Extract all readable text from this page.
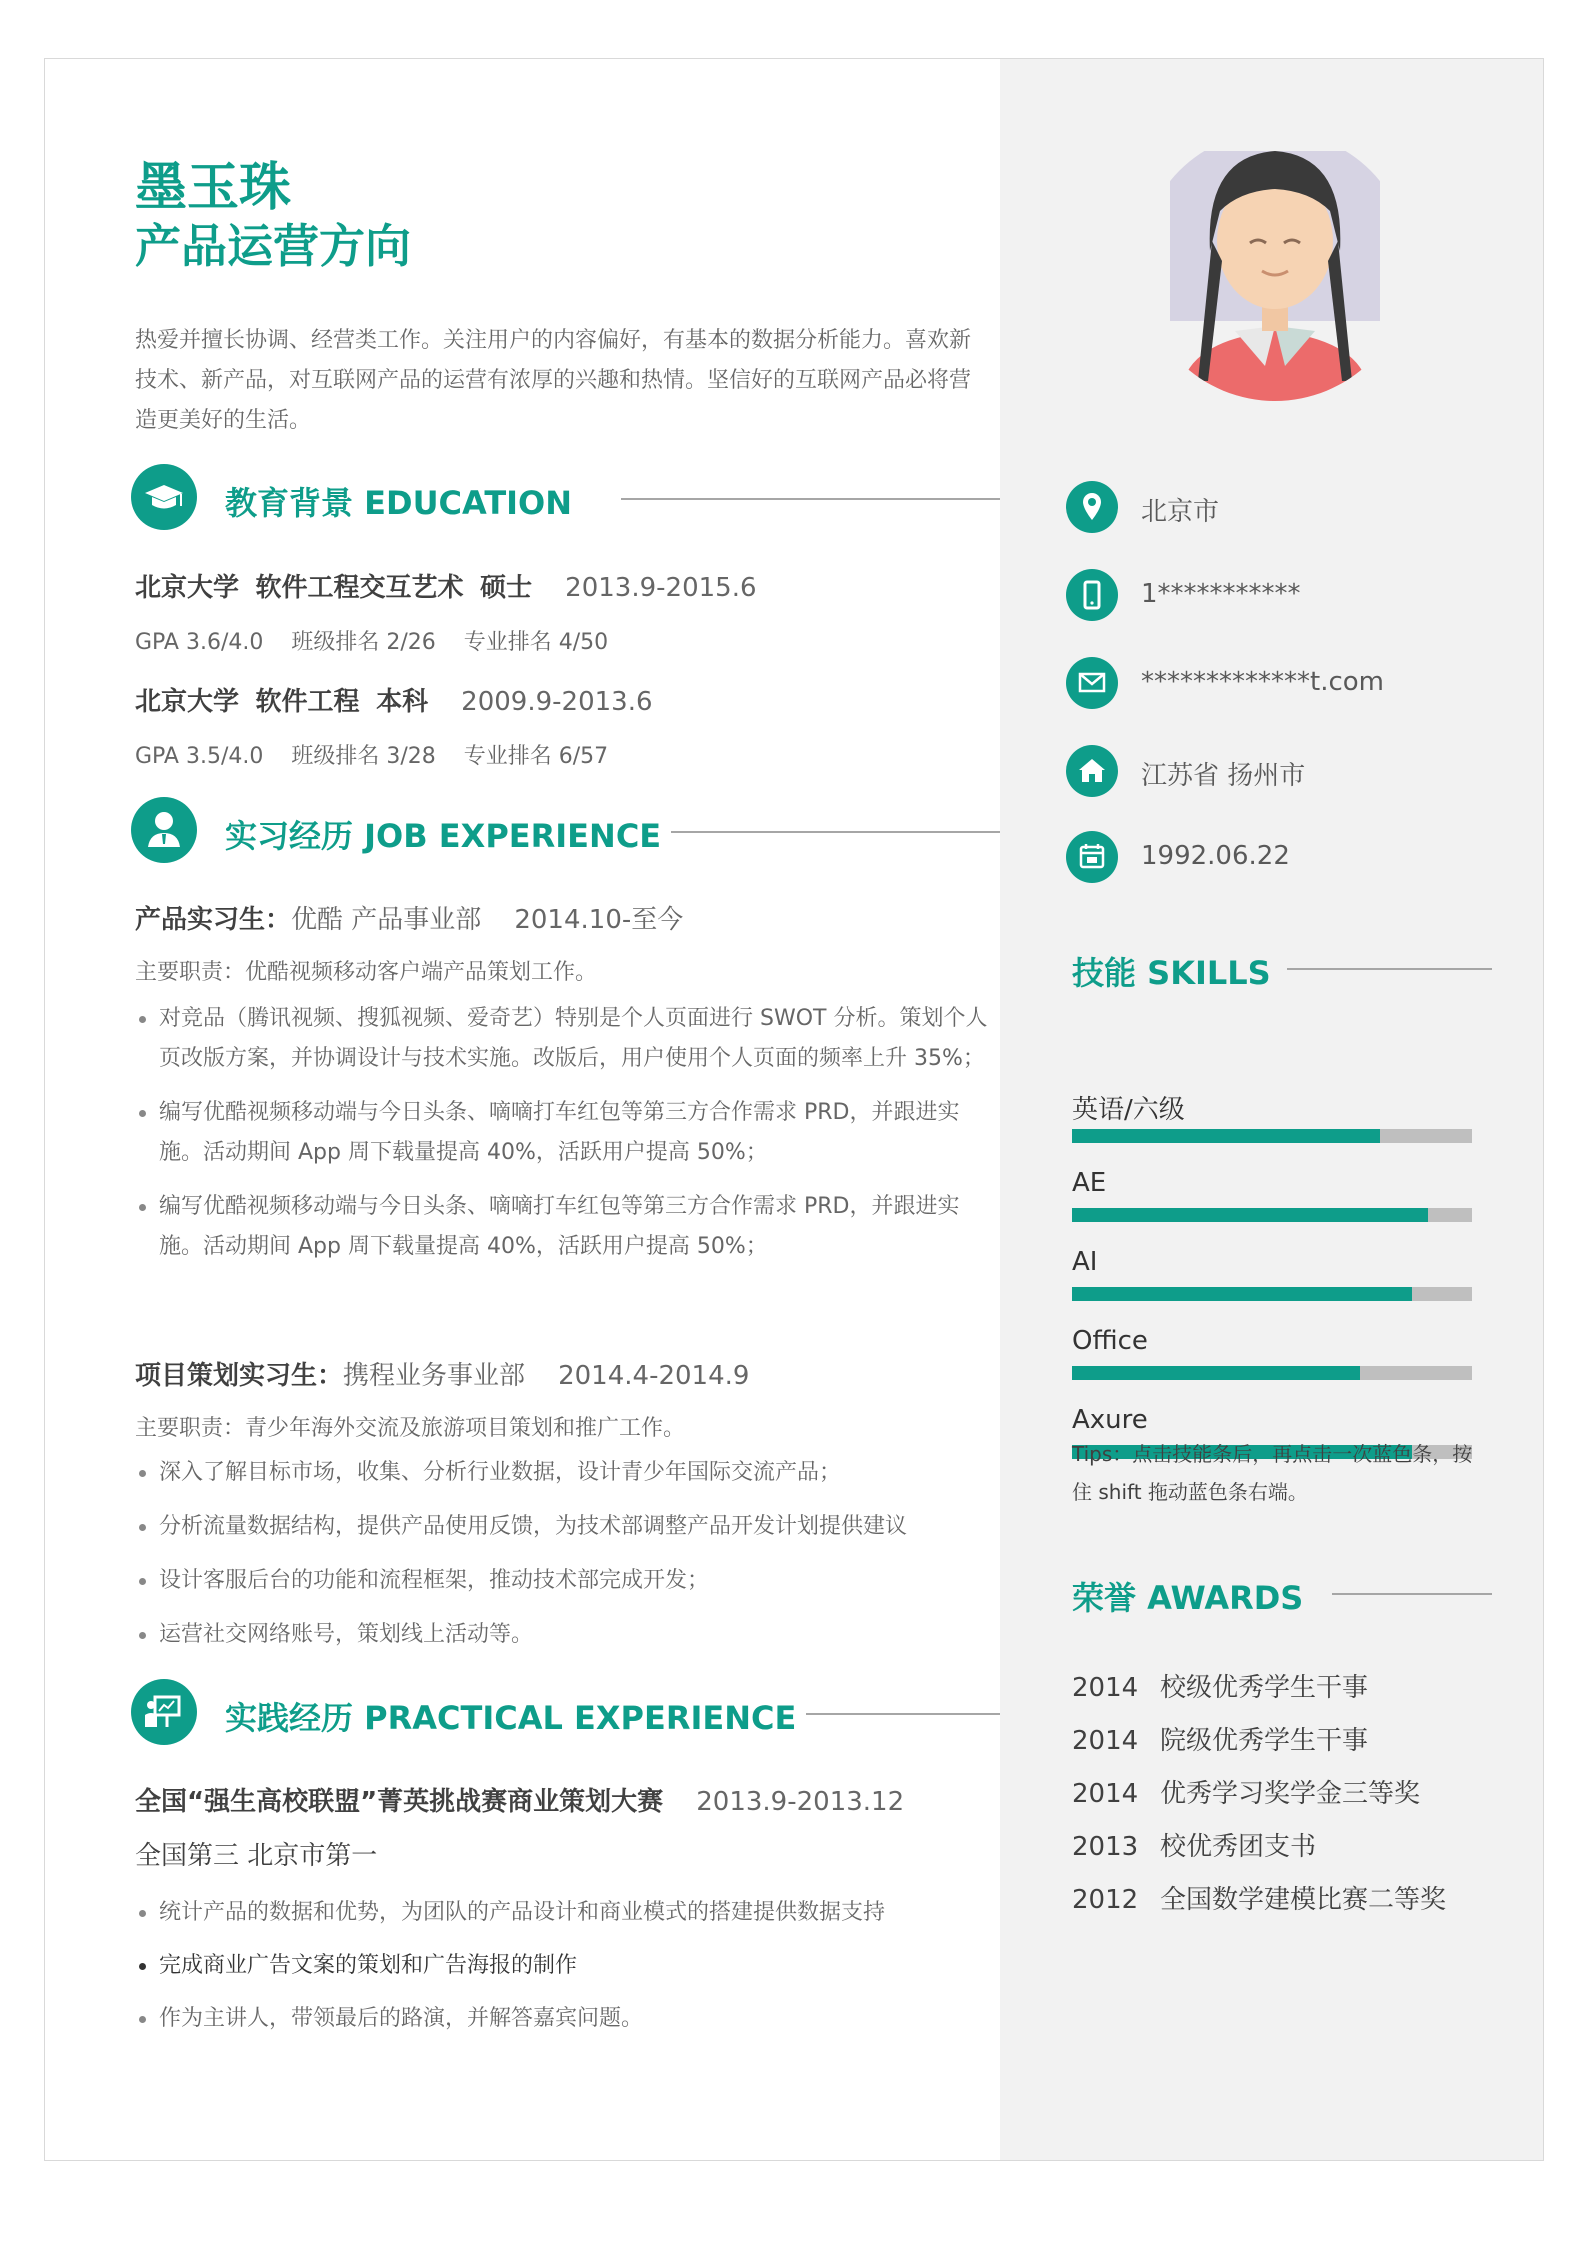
墨玉珠
产品运营方向
热爱并擅长协调、经营类工作。关注用户的内容偏好，有基本的数据分析能力。喜欢新技术、新产品，对互联网产品的运营有浓厚的兴趣和热情。坚信好的互联网产品必将营造更美好的生活。
教育背景 EDUCATION
北京大学 软件工程交互艺术 硕士 2013.9-2015.6
GPA 3.6/4.0 班级排名 2/26 专业排名 4/50
北京大学 软件工程 本科 2009.9-2013.6
GPA 3.5/4.0 班级排名 3/28 专业排名 6/57
实习经历 JOB EXPERIENCE
产品实习生：优酷 产品事业部 2014.10-至今
主要职责：优酷视频移动客户端产品策划工作。
对竞品（腾讯视频、搜狐视频、爱奇艺）特别是个人页面进行 SWOT 分析。策划个人页改版方案，并协调设计与技术实施。改版后，用户使用个人页面的频率上升 35%；
编写优酷视频移动端与今日头条、嘀嘀打车红包等第三方合作需求 PRD，并跟进实施。活动期间 App 周下载量提高 40%，活跃用户提高 50%；
编写优酷视频移动端与今日头条、嘀嘀打车红包等第三方合作需求 PRD，并跟进实施。活动期间 App 周下载量提高 40%，活跃用户提高 50%；
项目策划实习生：携程业务事业部 2014.4-2014.9
主要职责：青少年海外交流及旅游项目策划和推广工作。
深入了解目标市场，收集、分析行业数据，设计青少年国际交流产品；
分析流量数据结构，提供产品使用反馈，为技术部调整产品开发计划提供建议
设计客服后台的功能和流程框架，推动技术部完成开发；
运营社交网络账号，策划线上活动等。
实践经历 PRACTICAL EXPERIENCE
全国“强生高校联盟”菁英挑战赛商业策划大赛 2013.9-2013.12
全国第三 北京市第一
统计产品的数据和优势，为团队的产品设计和商业模式的搭建提供数据支持
完成商业广告文案的策划和广告海报的制作
作为主讲人，带领最后的路演，并解答嘉宾问题。
北京市
1***********
*************t.com
江苏省 扬州市
1992.06.22
技能 SKILLS
英语/六级
AE
AI
Office
Axure
Tips：点击技能条后，再点击一次蓝色条，按住 shift 拖动蓝色条右端。
荣誉 AWARDS
2014 校级优秀学生干事
2014 院级优秀学生干事
2014 优秀学习奖学金三等奖
2013 校优秀团支书
2012 全国数学建模比赛二等奖
